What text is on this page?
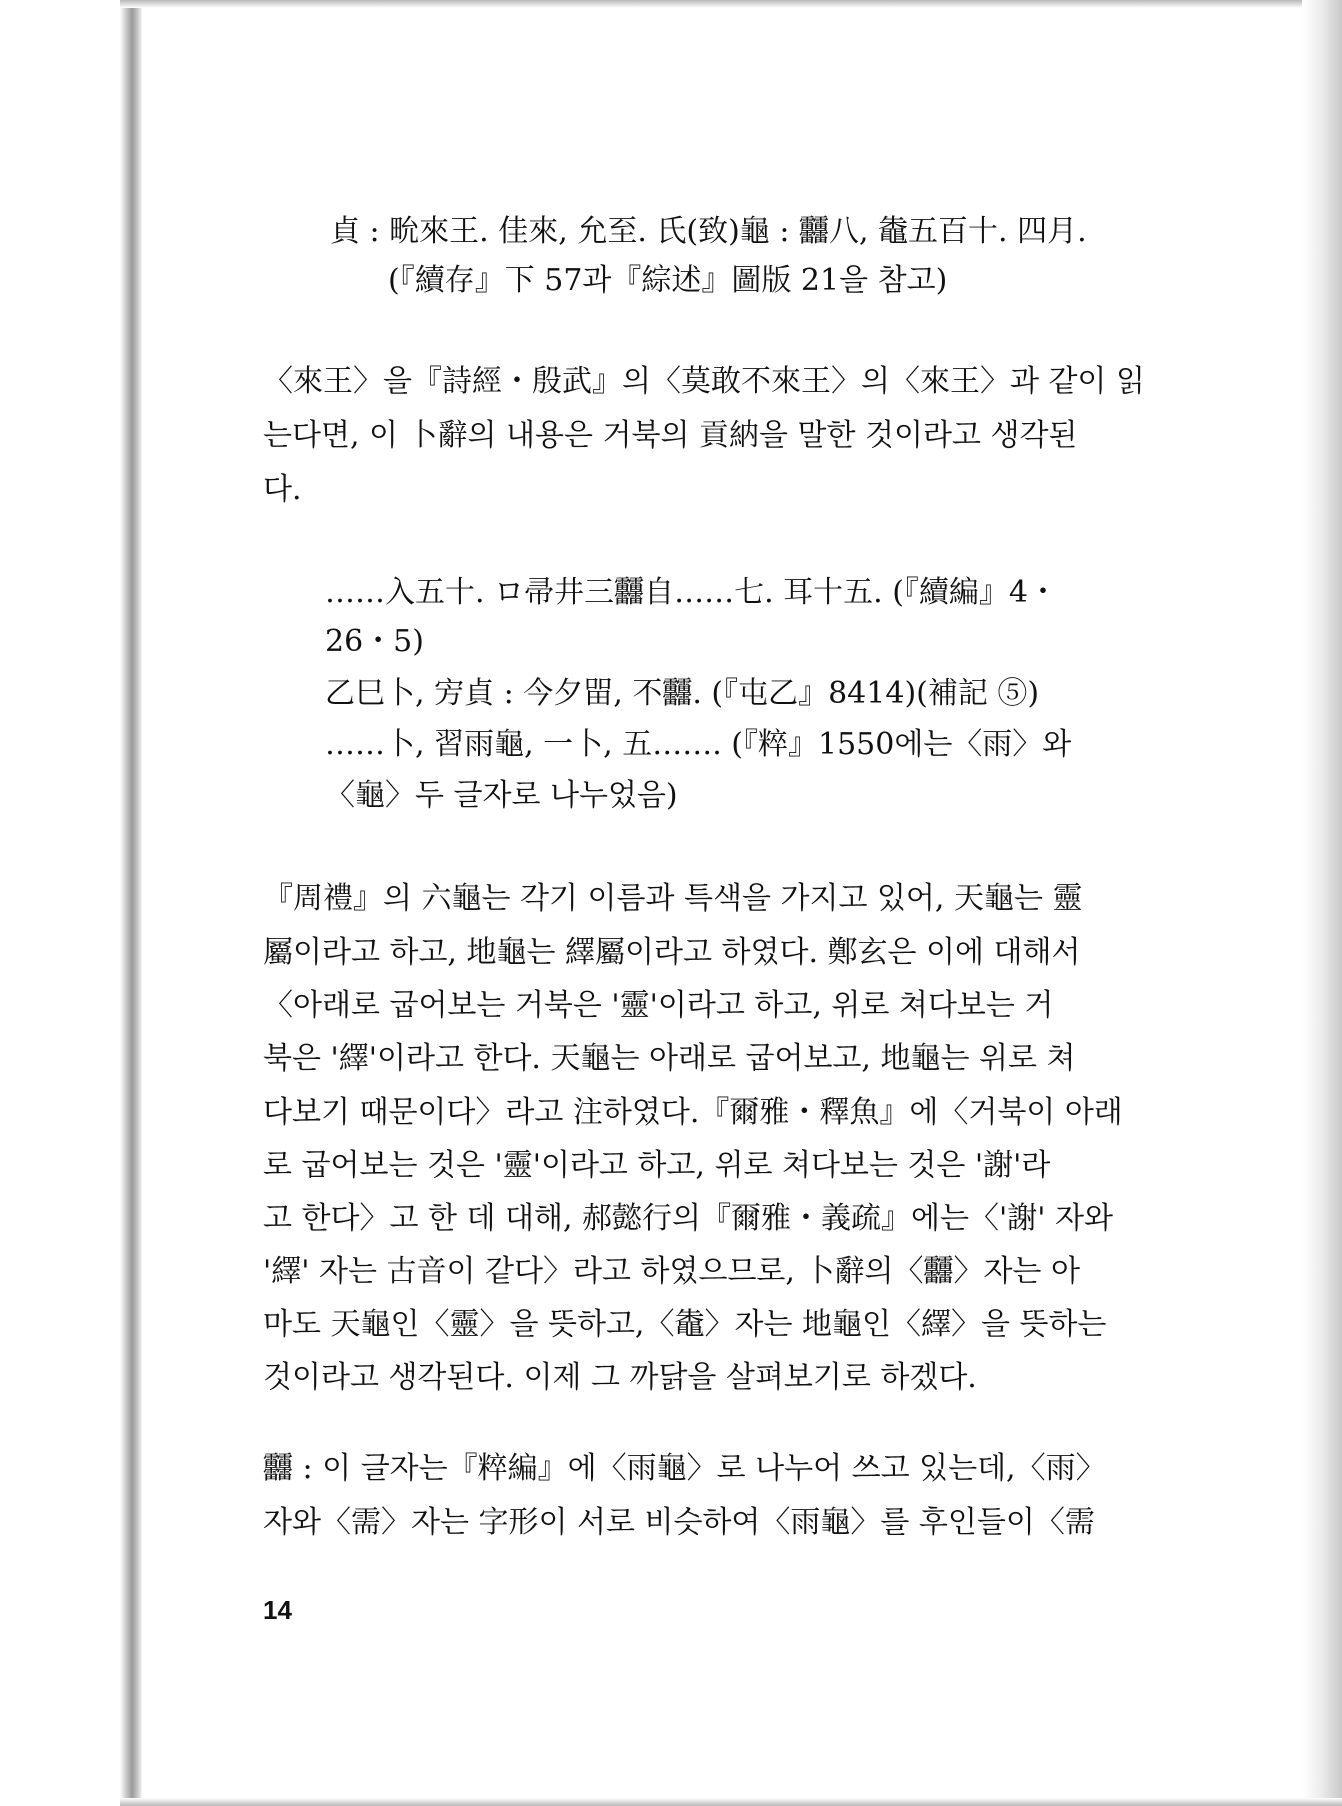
貞 : 㽙來王. 佳來, 允至. 氏(致)龜 : 䨻八, 鼄五百十. 四月.
(『續存』下 57과『綜述』圖版 21을 참고)
〈來王〉을『詩經・殷武』의〈莫敢不來王〉의〈來王〉과 같이 읽
는다면, 이 卜辭의 내용은 거북의 貢納을 말한 것이라고 생각된
다.
……入五十. ロ帚井三䨻自……七. 耳十五. (『續編』4・
26・5)
乙巳卜, 㝑貞 : 今夕㽞, 不䨻. (『屯乙』8414)(補記 ⑤)
……卜, 習雨龜, 一卜, 五……. (『粹』1550에는〈雨〉와
〈龜〉두 글자로 나누었음)
『周禮』의 六龜는 각기 이름과 특색을 가지고 있어, 天龜는 靈
屬이라고 하고, 地龜는 繹屬이라고 하였다. 鄭玄은 이에 대해서
〈아래로 굽어보는 거북은 '靈'이라고 하고, 위로 쳐다보는 거
북은 '繹'이라고 한다. 天龜는 아래로 굽어보고, 地龜는 위로 쳐
다보기 때문이다〉라고 注하였다.『爾雅・釋魚』에〈거북이 아래
로 굽어보는 것은 '靈'이라고 하고, 위로 쳐다보는 것은 '謝'라
고 한다〉고 한 데 대해, 郝懿行의『爾雅・義疏』에는〈'謝' 자와
'繹' 자는 古音이 같다〉라고 하였으므로, 卜辭의〈䨻〉자는 아
마도 天龜인〈靈〉을 뜻하고,〈鼄〉자는 地龜인〈繹〉을 뜻하는
것이라고 생각된다. 이제 그 까닭을 살펴보기로 하겠다.
䨻 : 이 글자는『粹編』에〈雨龜〉로 나누어 쓰고 있는데,〈雨〉
자와〈需〉자는 字形이 서로 비슷하여〈雨龜〉를 후인들이〈需
14
